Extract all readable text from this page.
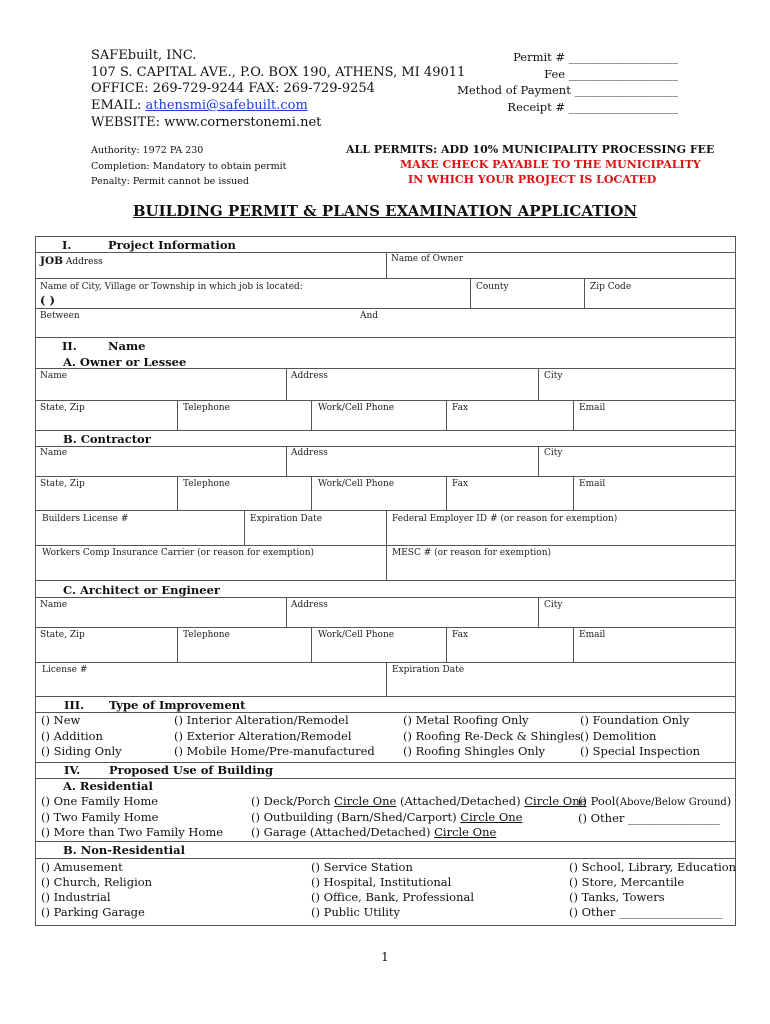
SAFEbuilt, INC.
107 S. CAPITAL AVE., P.O. BOX 190, ATHENS, MI 49011
OFFICE: 269-729-9244 FAX: 269-729-9254
EMAIL: athensmi@safebuilt.com
WEBSITE: www.cornerstonemi.net
Permit # ___________________
Fee ___________________
Method of Payment __________________
Receipt # ___________________
Authority: 1972 PA 230
Completion: Mandatory to obtain permit
Penalty: Permit cannot be issued
ALL PERMITS: ADD 10% MUNICIPALITY PROCESSING FEE
MAKE CHECK PAYABLE TO THE MUNICIPALITY
IN WHICH YOUR PROJECT IS LOCATED
BUILDING PERMIT & PLANS EXAMINATION APPLICATION
I.	Project Information
JOB Address	Name of Owner
Name of City, Village or Township in which job is located:	County	Zip Code
( )
Between	And
II.	Name
A. Owner or Lessee
Name	Address	City
State, Zip	Telephone	Work/Cell Phone	Fax	Email
B. Contractor
Name	Address	City
State, Zip	Telephone	Work/Cell Phone	Fax	Email
Builders License #	Expiration Date	Federal Employer ID # (or reason for exemption)
Workers Comp Insurance Carrier (or reason for exemption)	MESC # (or reason for exemption)
C. Architect or Engineer
Name	Address	City
State, Zip	Telephone	Work/Cell Phone	Fax	Email
License #	Expiration Date
III. Type of Improvement
() New
() Addition
() Siding Only
() Interior Alteration/Remodel
() Exterior Alteration/Remodel
() Mobile Home/Pre-manufactured
() Metal Roofing Only
() Roofing Re-Deck & Shingles
() Roofing Shingles Only
() Foundation Only
() Demolition
() Special Inspection
IV. Proposed Use of Building
A. Residential
() One Family Home
() Two Family Home
() More than Two Family Home
() Deck/Porch Circle One (Attached/Detached) Circle One
() Outbuilding (Barn/Shed/Carport) Circle One
() Garage (Attached/Detached) Circle One
() Pool(Above/Below Ground)
() Other ________________
B. Non-Residential
() Amusement
() Church, Religion
() Industrial
() Parking Garage
() Service Station
() Hospital, Institutional
() Office, Bank, Professional
() Public Utility
() School, Library, Education
() Store, Mercantile
() Tanks, Towers
() Other __________________
1
